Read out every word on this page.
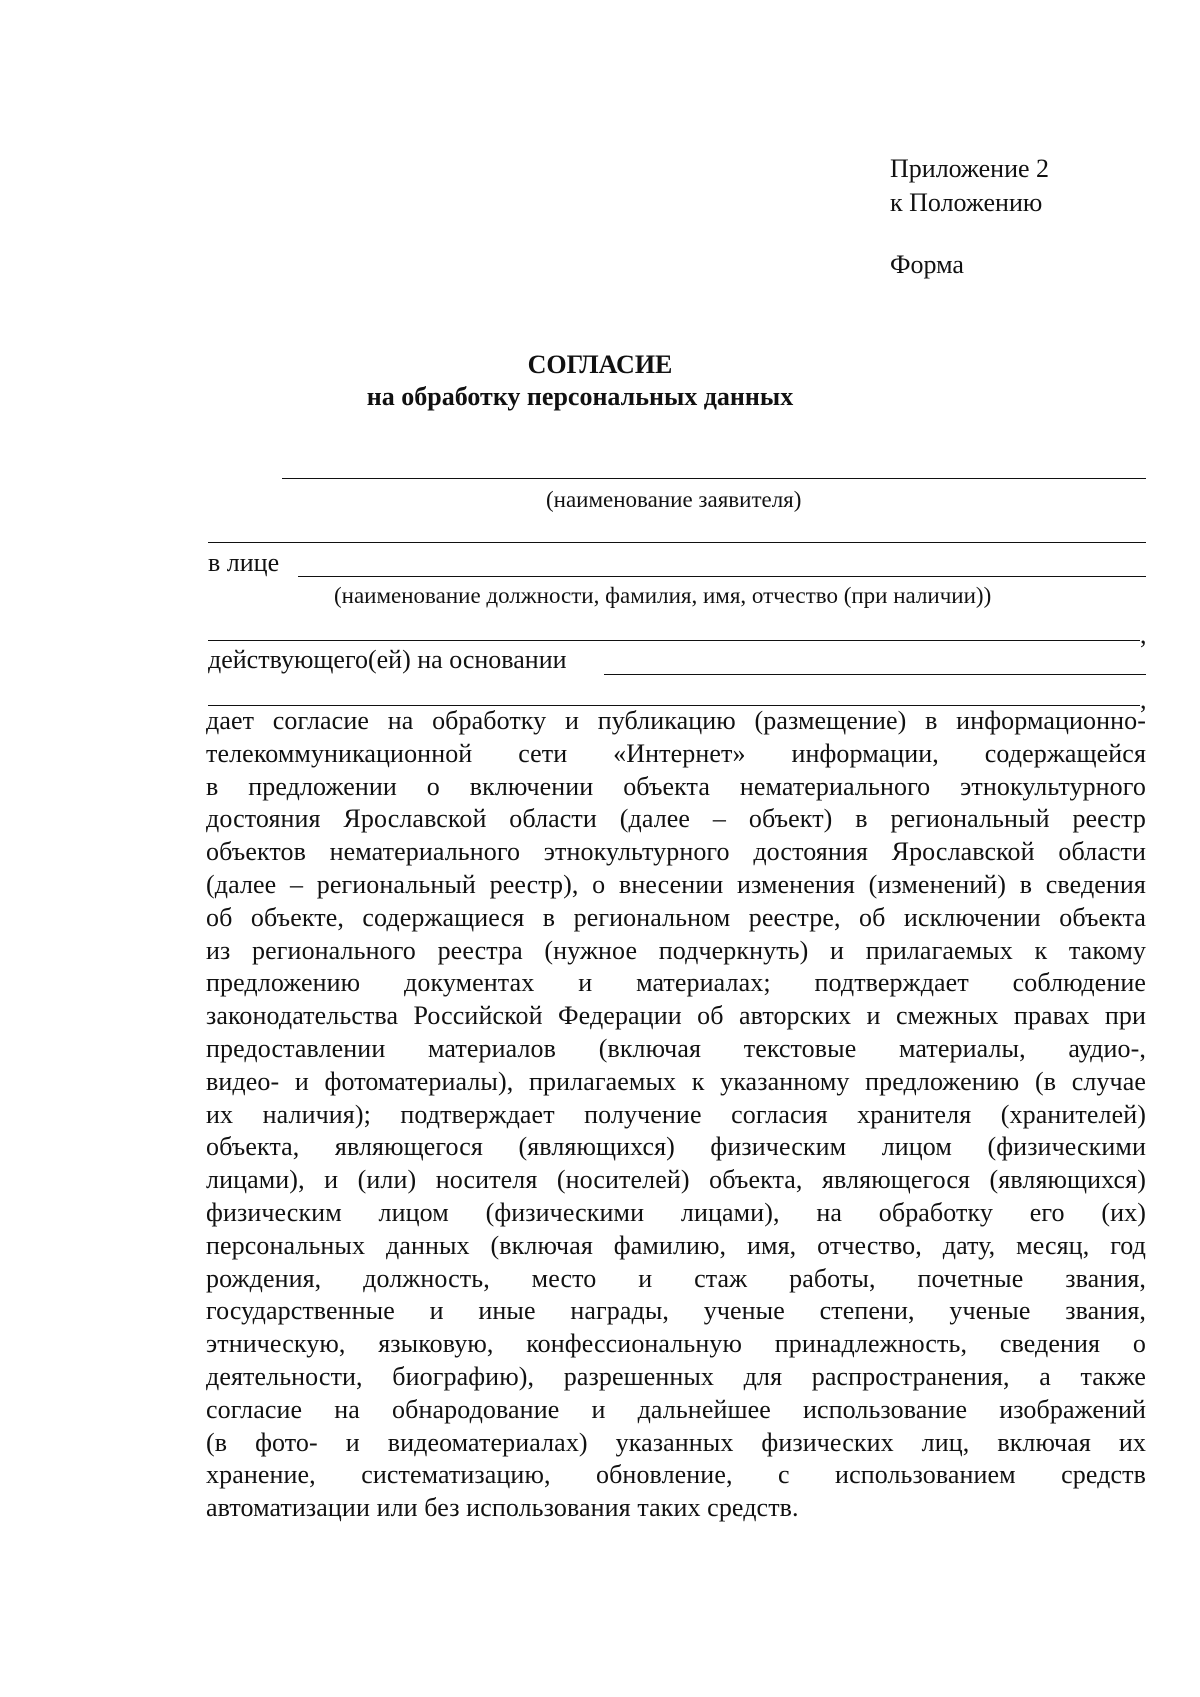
Приложение 2
к Положению
Форма
СОГЛАСИЕ
на обработку персональных данных
(наименование заявителя)
в лице
(наименование должности, фамилия, имя, отчество (при наличии))
,
действующего(ей) на основании
,
дает согласие на обработку и публикацию (размещение) в информационно-
телекоммуникационной сети «Интернет» информации, содержащейся
в предложении о включении объекта нематериального этнокультурного
достояния Ярославской области (далее – объект) в региональный реестр
объектов нематериального этнокультурного достояния Ярославской области
(далее – региональный реестр), о внесении изменения (изменений) в сведения
об объекте, содержащиеся в региональном реестре, об исключении объекта
из регионального реестра (нужное подчеркнуть) и прилагаемых к такому
предложению документах и материалах; подтверждает соблюдение
законодательства Российской Федерации об авторских и смежных правах при
предоставлении материалов (включая текстовые материалы, аудио-,
видео- и фотоматериалы), прилагаемых к указанному предложению (в случае
их наличия); подтверждает получение согласия хранителя (хранителей)
объекта, являющегося (являющихся) физическим лицом (физическими
лицами), и (или) носителя (носителей) объекта, являющегося (являющихся)
физическим лицом (физическими лицами), на обработку его (их)
персональных данных (включая фамилию, имя, отчество, дату, месяц, год
рождения, должность, место и стаж работы, почетные звания,
государственные и иные награды, ученые степени, ученые звания,
этническую, языковую, конфессиональную принадлежность, сведения о
деятельности, биографию), разрешенных для распространения, а также
согласие на обнародование и дальнейшее использование изображений
(в фото- и видеоматериалах) указанных физических лиц, включая их
хранение, систематизацию, обновление, с использованием средств
автоматизации или без использования таких средств.
